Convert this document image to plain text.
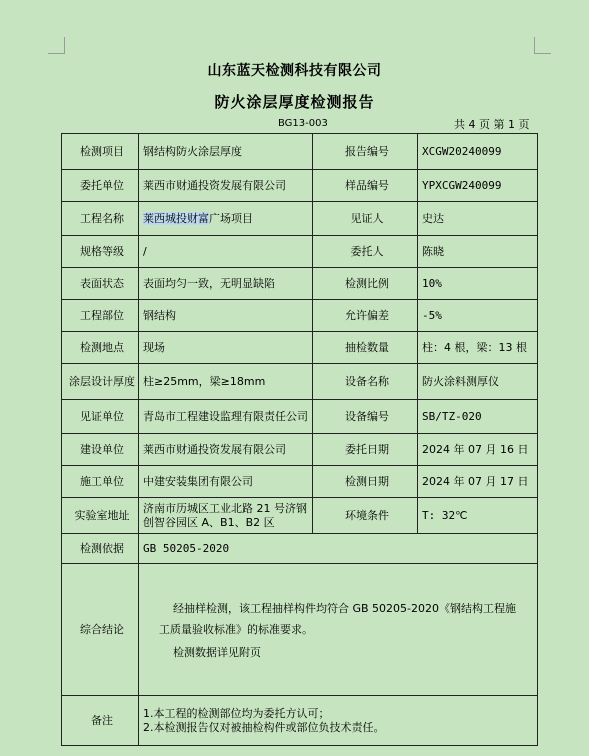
山东蓝天检测科技有限公司
防火涂层厚度检测报告
BG13-003	共 4 页 第 1 页
检测项目	钢结构防火涂层厚度	报告编号	XCGW20240099
委托单位	莱西市财通投资发展有限公司	样品编号	YPXCGW240099
工程名称	莱西城投财富广场项目	见证人	史达
规格等级	/	委托人	陈晓
表面状态	表面均匀一致，无明显缺陷	检测比例	10%
工程部位	钢结构	允许偏差	-5%
检测地点	现场	抽检数量	柱：4 根，梁：13 根
涂层设计厚度	柱≥25mm，梁≥18mm	设备名称	防火涂料测厚仪
见证单位	青岛市工程建设监理有限责任公司	设备编号	SB/TZ-020
建设单位	莱西市财通投资发展有限公司	委托日期	2024 年 07 月 16 日
施工单位	中建安装集团有限公司	检测日期	2024 年 07 月 17 日
实验室地址	济南市历城区工业北路 21 号济钢创智谷园区 A、B1、B2 区	环境条件	T: 32℃
检测依据	GB 50205-2020		
综合结论	经抽样检测，该工程抽样构件均符合 GB 50205-2020《钢结构工程施工质量验收标准》的标准要求。

检测数据详见附页		

备注	1.本工程的检测部位均为委托方认可；
2.本检测报告仅对被抽检构件或部位负技术责任。		
